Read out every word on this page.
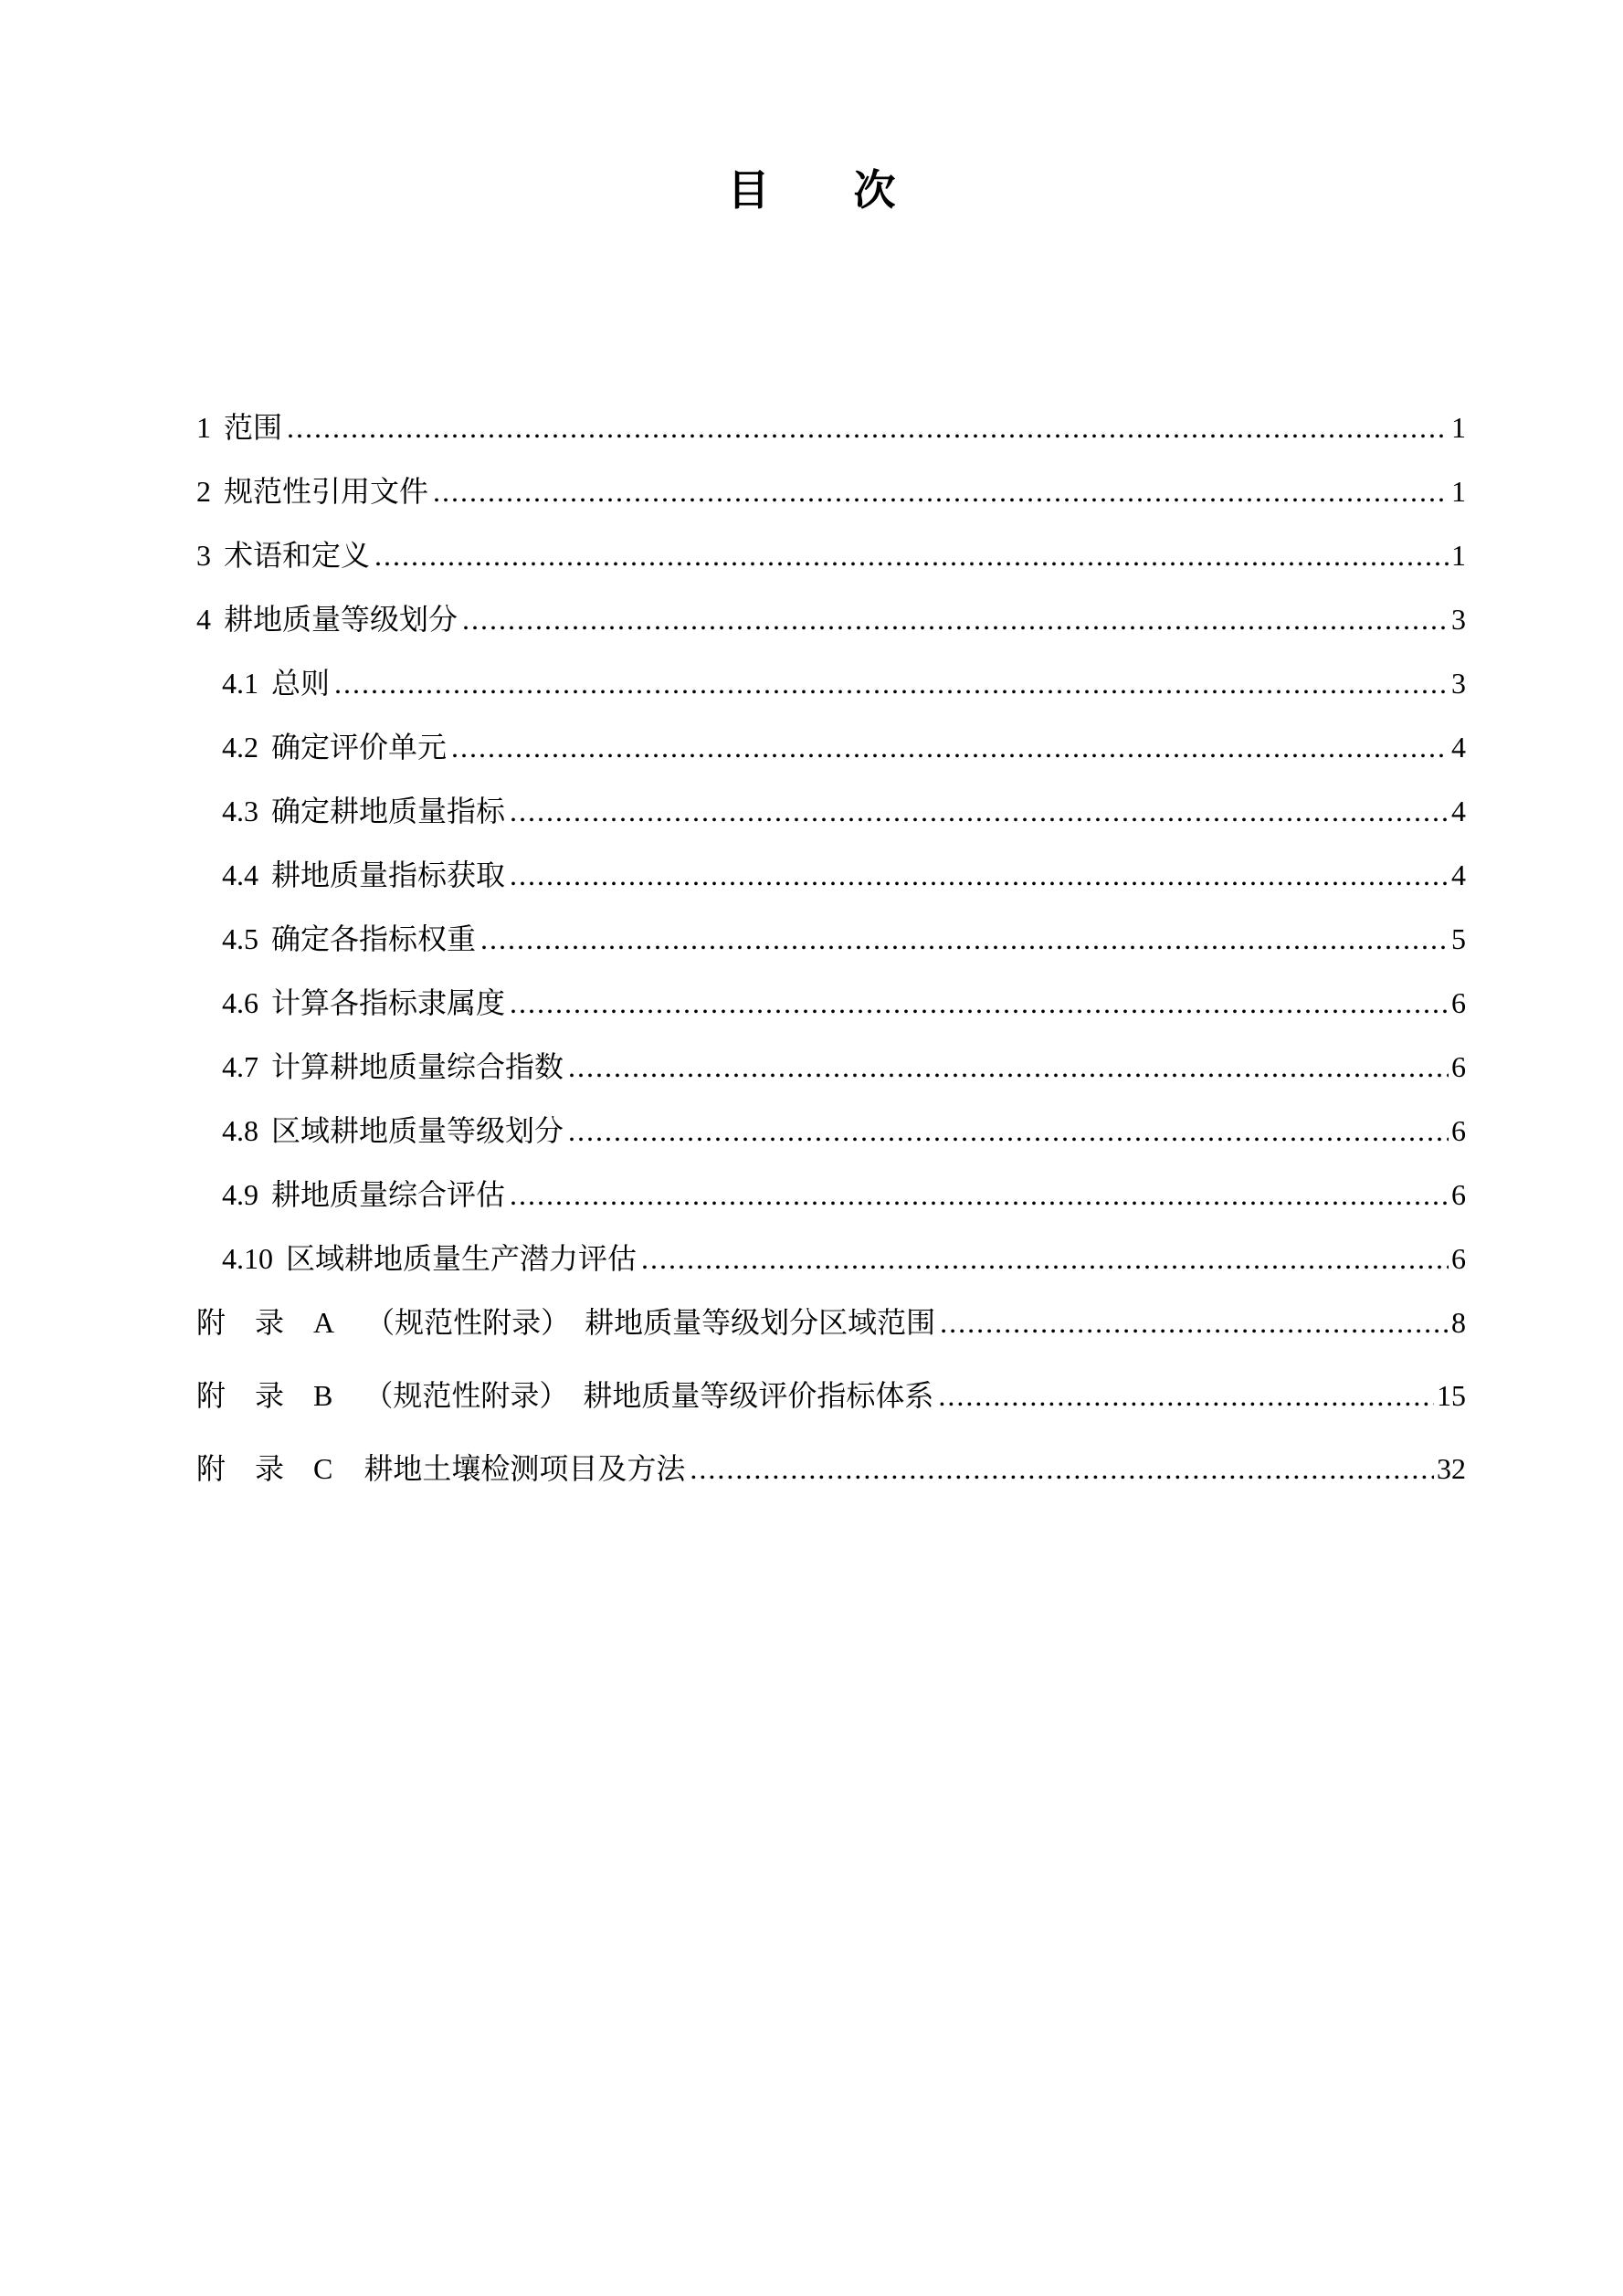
目　　次
1 范围 .....	1
2 规范性引用文件 .....	1
3 术语和定义 .....	1
4 耕地质量等级划分 .....	3
4.1 总则 .....	3
4.2 确定评价单元 .....	4
4.3 确定耕地质量指标 .....	4
4.4 耕地质量指标获取 .....	4
4.5 确定各指标权重 .....	5
4.6 计算各指标隶属度 .....	6
4.7 计算耕地质量综合指数 .....	6
4.8 区域耕地质量等级划分 .....	6
4.9 耕地质量综合评估 .....	6
4.10 区域耕地质量生产潜力评估 .....	6
附　录　A （规范性附录）　耕地质量等级划分区域范围 .....	8
附　录　B （规范性附录）　耕地质量等级评价指标体系 .....	15
附　录　C 耕地土壤检测项目及方法 .....	32
